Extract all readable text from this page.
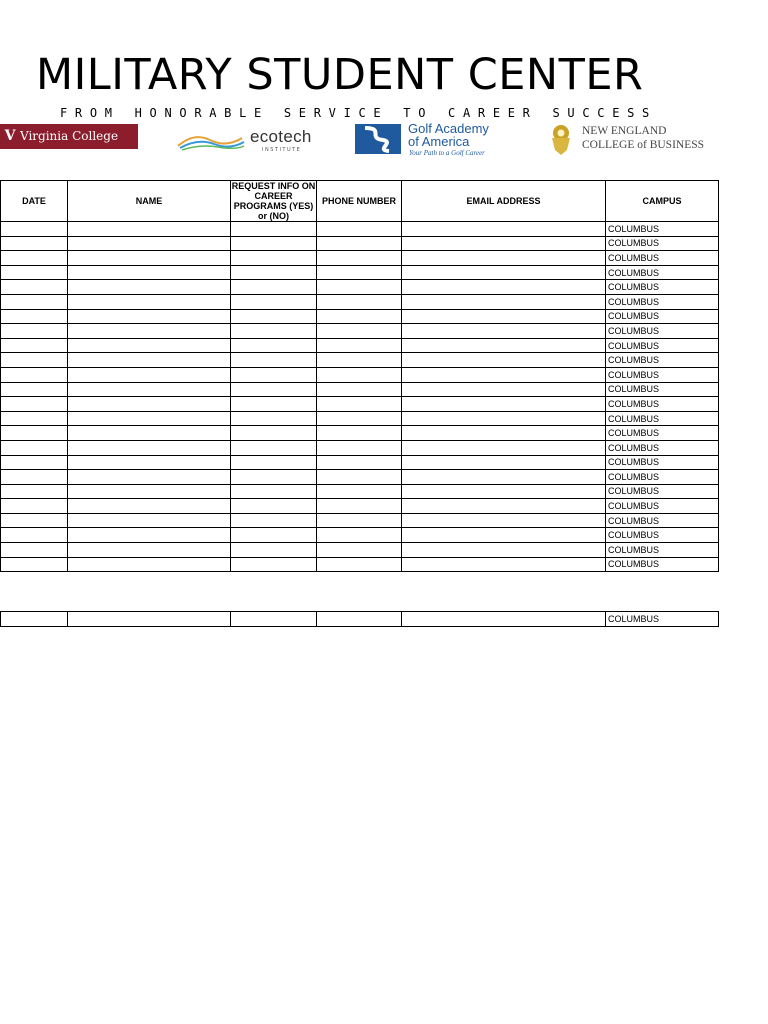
MILITARY STUDENT CENTER
FROM HONORABLE SERVICE TO CAREER SUCCESS
V Virginia College	ecotech
INSTITUTE
Golf Academy
of America
Your Path to a Golf Career
NEW ENGLAND
COLLEGE of BUSINESS
DATE	NAME	REQUEST INFO ON CAREER PROGRAMS (YES) or (NO)	PHONE NUMBER	EMAIL ADDRESS	CAMPUS
					COLUMBUS
					COLUMBUS
					COLUMBUS
					COLUMBUS
					COLUMBUS
					COLUMBUS
					COLUMBUS
					COLUMBUS
					COLUMBUS
					COLUMBUS
					COLUMBUS
					COLUMBUS
					COLUMBUS
					COLUMBUS
					COLUMBUS
					COLUMBUS
					COLUMBUS
					COLUMBUS
					COLUMBUS
					COLUMBUS
					COLUMBUS
					COLUMBUS
					COLUMBUS
					COLUMBUS
					COLUMBUS
